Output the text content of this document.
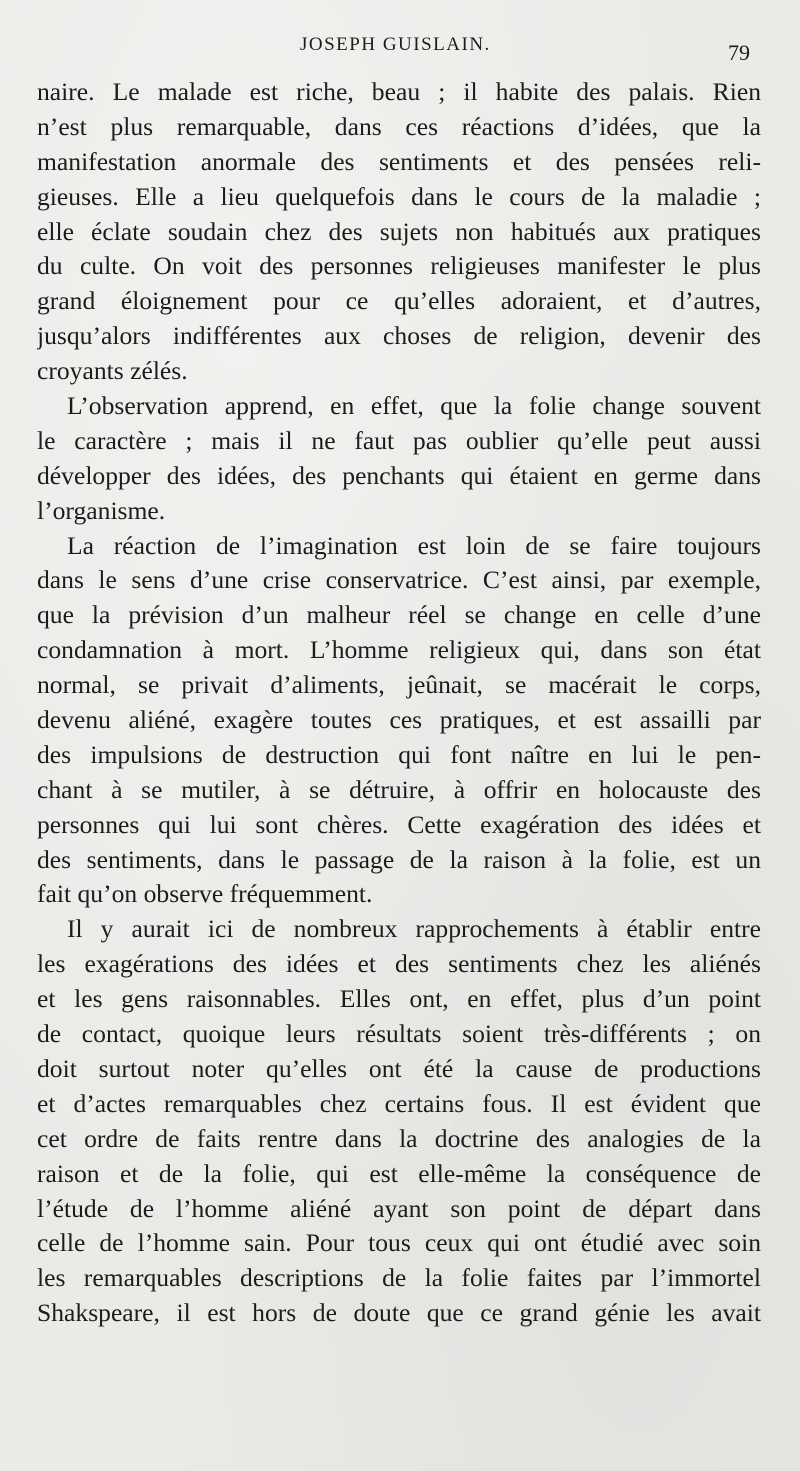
JOSEPH GUISLAIN.	79
naire. Le malade est riche, beau ; il habite des palais. Rien
n’est plus remarquable, dans ces réactions d’idées, que la
manifestation anormale des sentiments et des pensées reli-
gieuses. Elle a lieu quelquefois dans le cours de la maladie ;
elle éclate soudain chez des sujets non habitués aux pratiques
du culte. On voit des personnes religieuses manifester le plus
grand éloignement pour ce qu’elles adoraient, et d’autres,
jusqu’alors indifférentes aux choses de religion, devenir des
croyants zélés.
L’observation apprend, en effet, que la folie change souvent
le caractère ; mais il ne faut pas oublier qu’elle peut aussi
développer des idées, des penchants qui étaient en germe dans
l’organisme.
La réaction de l’imagination est loin de se faire toujours
dans le sens d’une crise conservatrice. C’est ainsi, par exemple,
que la prévision d’un malheur réel se change en celle d’une
condamnation à mort. L’homme religieux qui, dans son état
normal, se privait d’aliments, jeûnait, se macérait le corps,
devenu aliéné, exagère toutes ces pratiques, et est assailli par
des impulsions de destruction qui font naître en lui le pen-
chant à se mutiler, à se détruire, à offrir en holocauste des
personnes qui lui sont chères. Cette exagération des idées et
des sentiments, dans le passage de la raison à la folie, est un
fait qu’on observe fréquemment.
Il y aurait ici de nombreux rapprochements à établir entre
les exagérations des idées et des sentiments chez les aliénés
et les gens raisonnables. Elles ont, en effet, plus d’un point
de contact, quoique leurs résultats soient très-différents ; on
doit surtout noter qu’elles ont été la cause de productions
et d’actes remarquables chez certains fous. Il est évident que
cet ordre de faits rentre dans la doctrine des analogies de la
raison et de la folie, qui est elle-même la conséquence de
l’étude de l’homme aliéné ayant son point de départ dans
celle de l’homme sain. Pour tous ceux qui ont étudié avec soin
les remarquables descriptions de la folie faites par l’immortel
Shakspeare, il est hors de doute que ce grand génie les avait
